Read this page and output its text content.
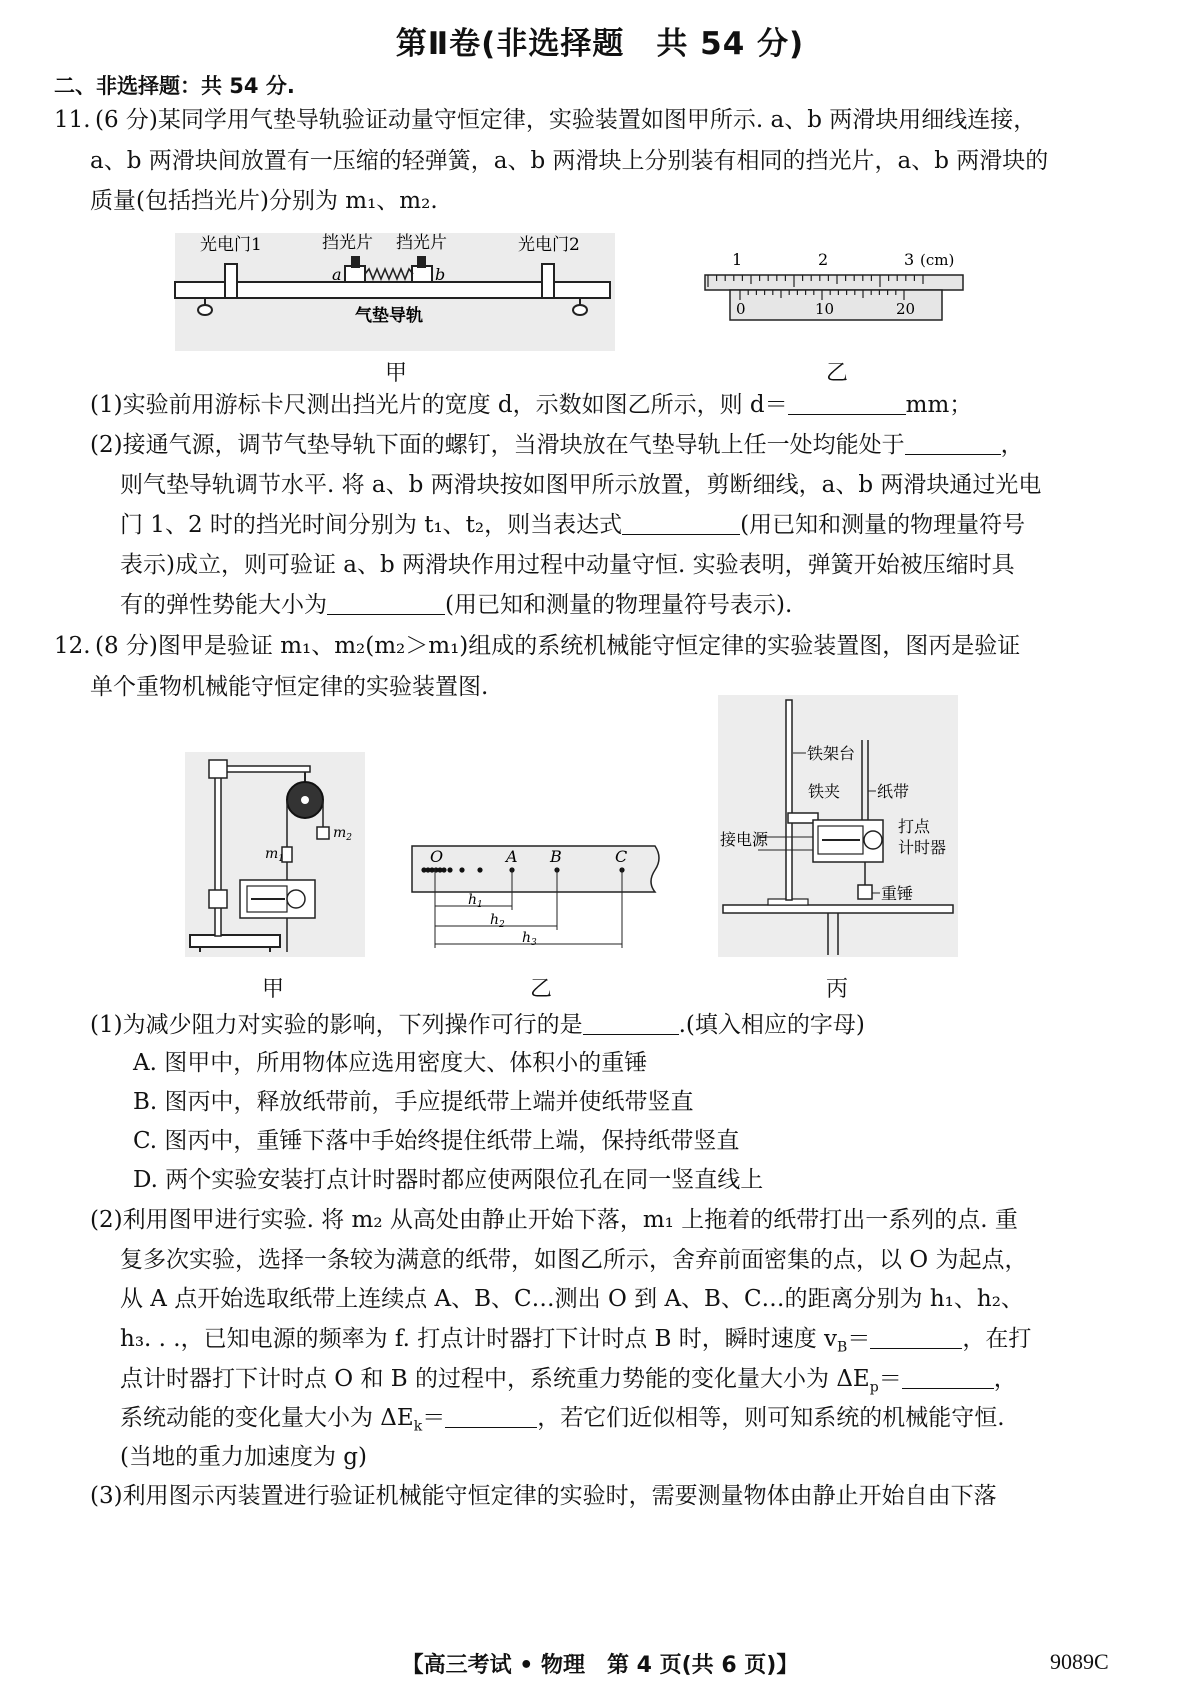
第Ⅱ卷(非选择题　共 54 分)
二、非选择题：共 54 分.
11. (6 分)某同学用气垫导轨验证动量守恒定律，实验装置如图甲所示. a、b 两滑块用细线连接，
a、b 两滑块间放置有一压缩的轻弹簧，a、b 两滑块上分别装有相同的挡光片，a、b 两滑块的
质量(包括挡光片)分别为 m₁、m₂.
光电门1	挡光片 挡光片	光电门2
a	b
气垫导轨
甲
1	2	3 (cm)
0	10	20
乙
(1)实验前用游标卡尺测出挡光片的宽度 d，示数如图乙所示，则 d＝	mm；
(2)接通气源，调节气垫导轨下面的螺钉，当滑块放在气垫导轨上任一处均能处于	，
则气垫导轨调节水平. 将 a、b 两滑块按如图甲所示放置，剪断细线，a、b 两滑块通过光电
门 1、2 时的挡光时间分别为 t₁、t₂，则当表达式	(用已知和测量的物理量符号
表示)成立，则可验证 a、b 两滑块作用过程中动量守恒. 实验表明，弹簧开始被压缩时具
有的弹性势能大小为	(用已知和测量的物理量符号表示).
12. (8 分)图甲是验证 m₁、m₂(m₂＞m₁)组成的系统机械能守恒定律的实验装置图，图丙是验证
单个重物机械能守恒定律的实验装置图.
$m_2$
$m_1$
甲
O	A B	C
$h_1$
$h_2$
$h_3$
乙
铁架台
铁夹 纸带
接电源
打点
计时器
重锤
丙
(1)为减少阻力对实验的影响，下列操作可行的是	.(填入相应的字母)
A. 图甲中，所用物体应选用密度大、体积小的重锤
B. 图丙中，释放纸带前，手应提纸带上端并使纸带竖直
C. 图丙中，重锤下落中手始终提住纸带上端，保持纸带竖直
D. 两个实验安装打点计时器时都应使两限位孔在同一竖直线上
(2)利用图甲进行实验. 将 m₂ 从高处由静止开始下落，m₁ 上拖着的纸带打出一系列的点. 重
复多次实验，选择一条较为满意的纸带，如图乙所示，舍弃前面密集的点，以 O 为起点，
从 A 点开始选取纸带上连续点 A、B、C…测出 O 到 A、B、C…的距离分别为 h₁、h₂、
h₃. . .，已知电源的频率为 f. 打点计时器打下计时点 B 时，瞬时速度 $v_B=$	，在打
点计时器打下计时点 O 和 B 的过程中，系统重力势能的变化量大小为 $\Delta E_p=$	，
系统动能的变化量大小为 $\Delta E_k=$	，若它们近似相等，则可知系统的机械能守恒.
(当地的重力加速度为 g)
(3)利用图示丙装置进行验证机械能守恒定律的实验时，需要测量物体由静止开始自由下落
【高三考试 • 物理　第 4 页(共 6 页)】	9089C
